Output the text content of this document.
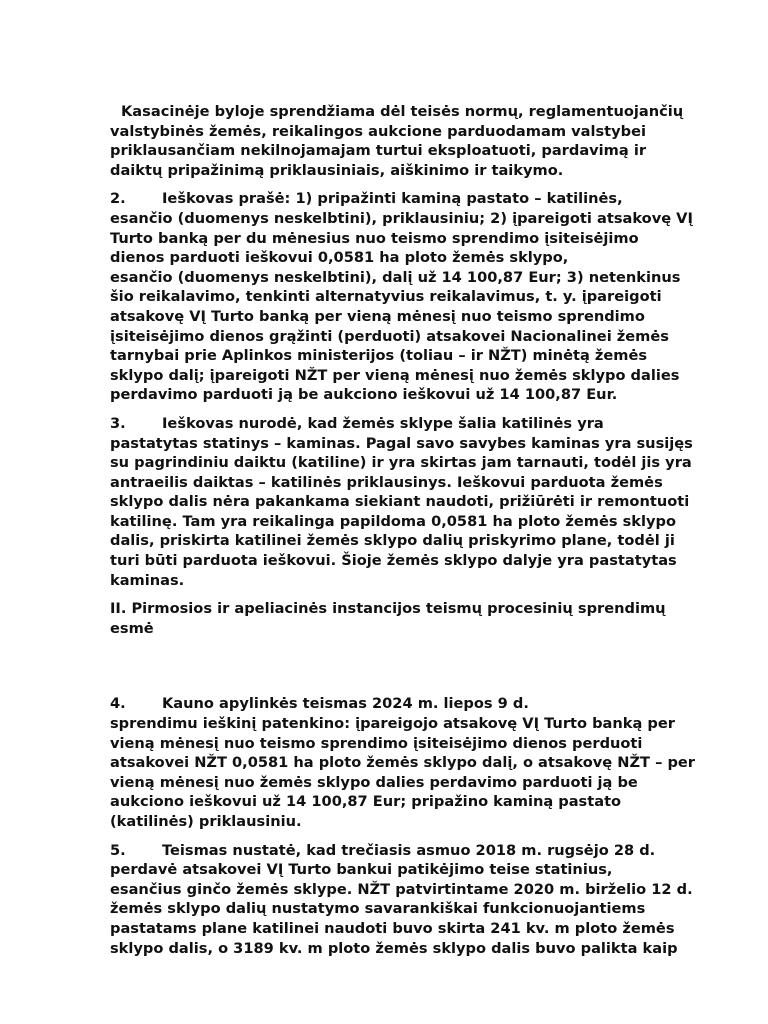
Kasacinėje byloje sprendžiama dėl teisės normų, reglamentuojančių
valstybinės žemės, reikalingos aukcione parduodamam valstybei
priklausančiam nekilnojamajam turtui eksploatuoti, pardavimą ir
daiktų pripažinimą priklausiniais, aiškinimo ir taikymo.

2. Ieškovas prašė: 1) pripažinti kaminą pastato – katilinės,
esančio (duomenys neskelbtini), priklausiniu; 2) įpareigoti atsakovę VĮ
Turto banką per du mėnesius nuo teismo sprendimo įsiteisėjimo
dienos parduoti ieškovui 0,0581 ha ploto žemės sklypo,
esančio (duomenys neskelbtini), dalį už 14 100,87 Eur; 3) netenkinus
šio reikalavimo, tenkinti alternatyvius reikalavimus, t. y. įpareigoti
atsakovę VĮ Turto banką per vieną mėnesį nuo teismo sprendimo
įsiteisėjimo dienos grąžinti (perduoti) atsakovei Nacionalinei žemės
tarnybai prie Aplinkos ministerijos (toliau – ir NŽT) minėtą žemės
sklypo dalį; įpareigoti NŽT per vieną mėnesį nuo žemės sklypo dalies
perdavimo parduoti ją be aukciono ieškovui už 14 100,87 Eur.

3. Ieškovas nurodė, kad žemės sklype šalia katilinės yra
pastatytas statinys – kaminas. Pagal savo savybes kaminas yra susijęs
su pagrindiniu daiktu (katiline) ir yra skirtas jam tarnauti, todėl jis yra
antraeilis daiktas – katilinės priklausinys. Ieškovui parduota žemės
sklypo dalis nėra pakankama siekiant naudoti, prižiūrėti ir remontuoti
katilinę. Tam yra reikalinga papildoma 0,0581 ha ploto žemės sklypo
dalis, priskirta katilinei žemės sklypo dalių priskyrimo plane, todėl ji
turi būti parduota ieškovui. Šioje žemės sklypo dalyje yra pastatytas
kaminas.

II. Pirmosios ir apeliacinės instancijos teismų procesinių sprendimų
esmė

4. Kauno apylinkės teismas 2024 m. liepos 9 d.
sprendimu ieškinį patenkino: įpareigojo atsakovę VĮ Turto banką per
vieną mėnesį nuo teismo sprendimo įsiteisėjimo dienos perduoti
atsakovei NŽT 0,0581 ha ploto žemės sklypo dalį, o atsakovę NŽT – per
vieną mėnesį nuo žemės sklypo dalies perdavimo parduoti ją be
aukciono ieškovui už 14 100,87 Eur; pripažino kaminą pastato
(katilinės) priklausiniu.

5. Teismas nustatė, kad trečiasis asmuo 2018 m. rugsėjo 28 d.
perdavė atsakovei VĮ Turto bankui patikėjimo teise statinius,
esančius ginčo žemės sklype. NŽT patvirtintame 2020 m. birželio 12 d.
žemės sklypo dalių nustatymo savarankiškai funkcionuojantiems
pastatams plane katilinei naudoti buvo skirta 241 kv. m ploto žemės
sklypo dalis, o 3189 kv. m ploto žemės sklypo dalis buvo palikta kaip
